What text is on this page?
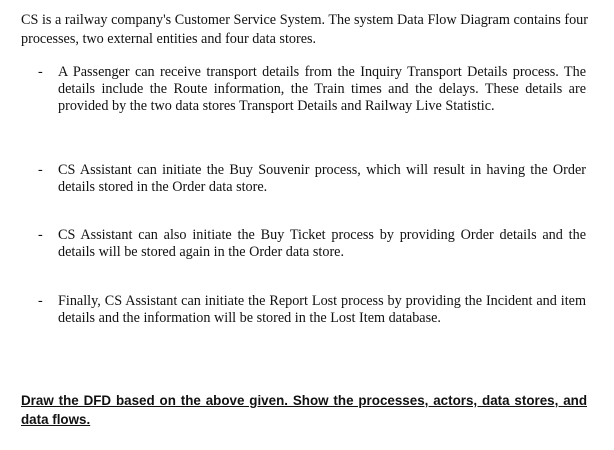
CS is a railway company's Customer Service System. The system Data Flow Diagram contains four processes, two external entities and four data stores.

-	A Passenger can receive transport details from the Inquiry Transport Details process. The details include the Route information, the Train times and the delays. These details are provided by the two data stores Transport Details and Railway Live Statistic.
-	CS Assistant can initiate the Buy Souvenir process, which will result in having the Order details stored in the Order data store.
-	CS Assistant can also initiate the Buy Ticket process by providing Order details and the details will be stored again in the Order data store.
-	Finally, CS Assistant can initiate the Report Lost process by providing the Incident and item details and the information will be stored in the Lost Item database.

Draw the DFD based on the above given. Show the processes, actors, data stores, and data flows.
